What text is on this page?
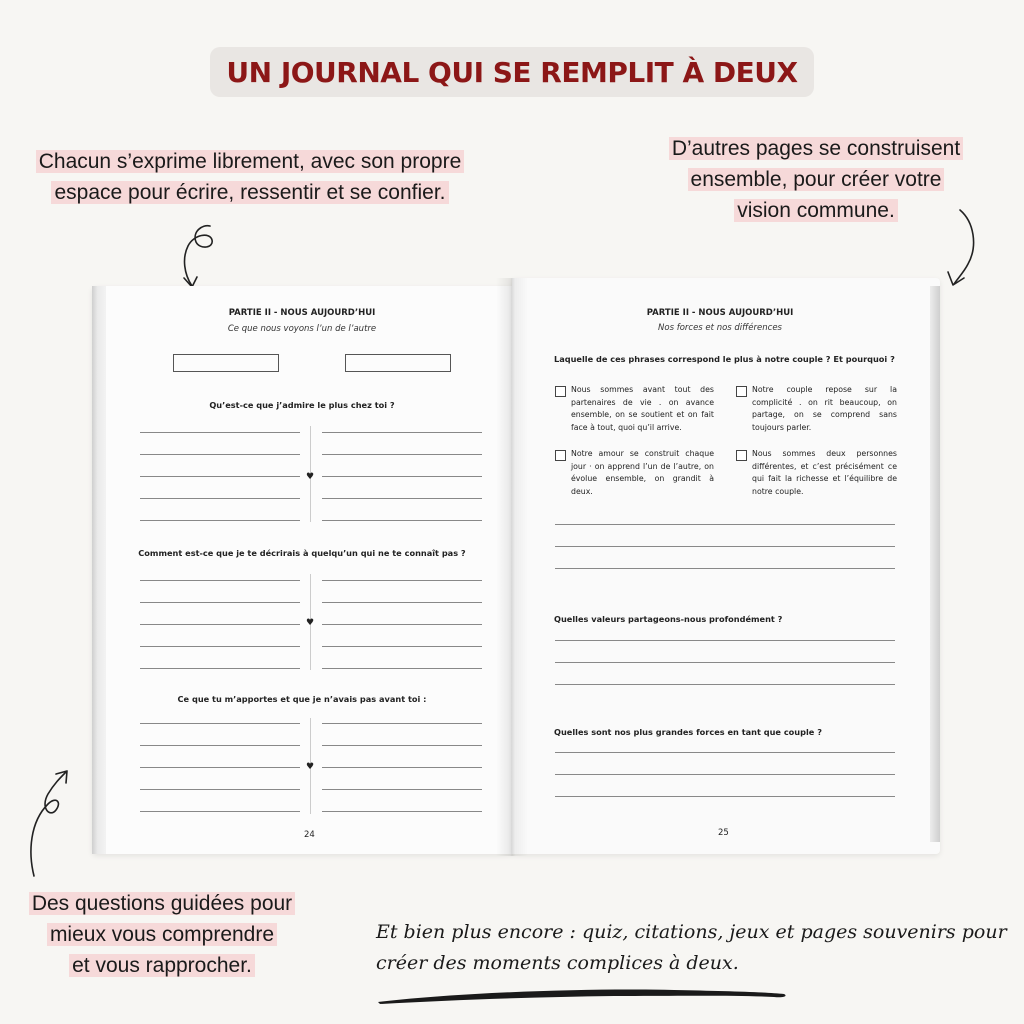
UN JOURNAL QUI SE REMPLIT À DEUX
Chacun s’exprime librement, avec son propre
espace pour écrire, ressentir et se confier.
D’autres pages se construisent
ensemble, pour créer votre
vision commune.
Des questions guidées pour
mieux vous comprendre
et vous rapprocher.
PARTIE II - NOUS AUJOURD’HUI
Ce que nous voyons l’un de l’autre
Qu’est-ce que j’admire le plus chez toi ?
♥
Comment est-ce que je te décrirais à quelqu’un qui ne te connaît pas ?
♥
Ce que tu m’apportes et que je n’avais pas avant toi :
♥
24
PARTIE II - NOUS AUJOURD’HUI
Nos forces et nos différences
Laquelle de ces phrases correspond le plus à notre couple ? Et pourquoi ?
Nous sommes avant tout des partenaires de vie . on avance ensemble, on se soutient et on fait face à tout, quoi qu’il arrive.
Notre couple repose sur la complicité . on rit beaucoup, on partage, on se comprend sans toujours parler.
Notre amour se construit chaque jour · on apprend l’un de l’autre, on évolue ensemble, on grandit à deux.
Nous sommes deux personnes différentes, et c’est précisément ce qui fait la richesse et l’équilibre de notre couple.
Quelles valeurs partageons-nous profondément ?
Quelles sont nos plus grandes forces en tant que couple ?
25
Et bien plus encore : quiz, citations, jeux et pages souvenirs pour
créer des moments complices à deux.
